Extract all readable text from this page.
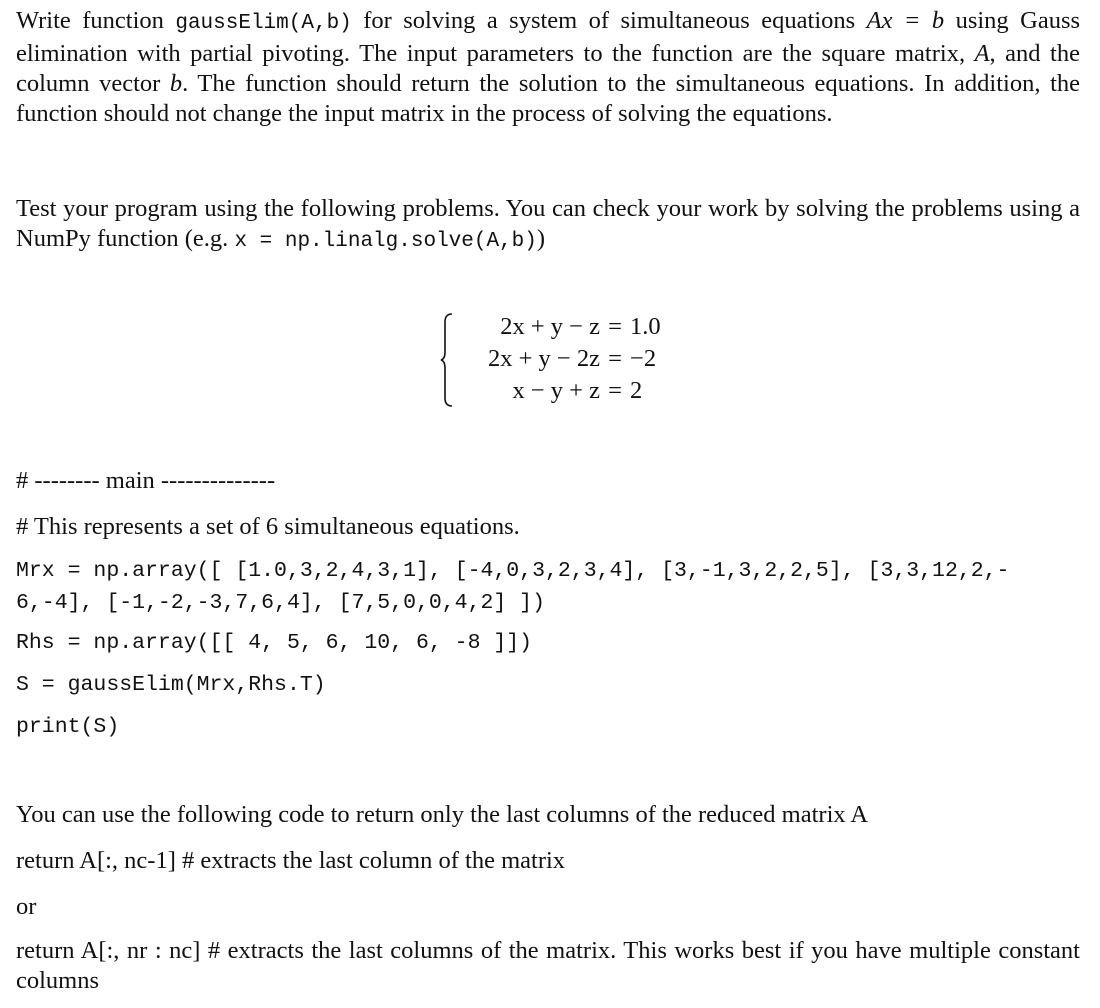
Write function gaussElim(A,b) for solving a system of simultaneous equations Ax = b using Gauss elimination with partial pivoting. The input parameters to the function are the square matrix, A, and the column vector b. The function should return the solution to the simultaneous equations. In addition, the function should not change the input matrix in the process of solving the equations.
Test your program using the following problems. You can check your work by solving the problems using a NumPy function (e.g. x = np.linalg.solve(A,b))
2x + y − z = 1.0
2x + y − 2z = −2
x − y + z =2
# -------- main --------------
# This represents a set of 6 simultaneous equations.
Mrx = np.array([ [1.0,3,2,4,3,1], [-4,0,3,2,3,4], [3,-1,3,2,2,5], [3,3,12,2,-
6,-4], [-1,-2,-3,7,6,4], [7,5,0,0,4,2] ])
Rhs = np.array([[ 4, 5, 6, 10, 6, -8 ]])
S = gaussElim(Mrx,Rhs.T)
print(S)
You can use the following code to return only the last columns of the reduced matrix A
return A[:, nc-1] # extracts the last column of the matrix
or
return A[:, nr : nc] # extracts the last columns of the matrix. This works best if you have multiple constant columns
